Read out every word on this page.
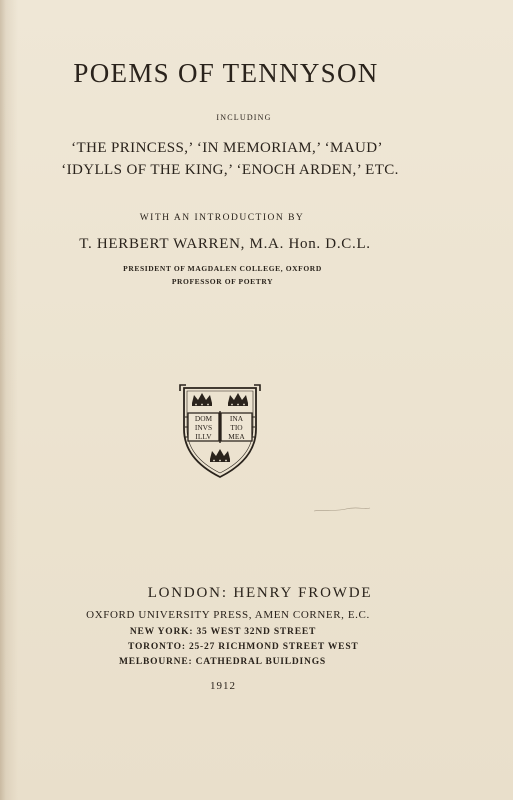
POEMS OF TENNYSON
INCLUDING
‘THE PRINCESS,’ ‘IN MEMORIAM,’ ‘MAUD’
‘IDYLLS OF THE KING,’ ‘ENOCH ARDEN,’ ETC.
WITH AN INTRODUCTION BY
T. HERBERT WARREN, M.A. Hon. D.C.L.
PRESIDENT OF MAGDALEN COLLEGE, OXFORD
PROFESSOR OF POETRY
DOM
INVS
ILLV
INA
TIO
MEA
LONDON: HENRY FROWDE
OXFORD UNIVERSITY PRESS, AMEN CORNER, E.C.
NEW YORK: 35 WEST 32ND STREET
TORONTO: 25-27 RICHMOND STREET WEST
MELBOURNE: CATHEDRAL BUILDINGS
1912
